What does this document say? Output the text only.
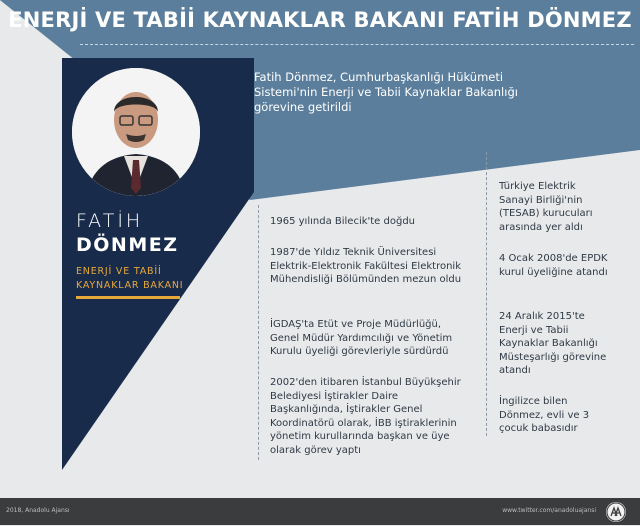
ENERJİ VE TABİİ KAYNAKLAR BAKANI FATİH DÖNMEZ
Fatih Dönmez, Cumhurbaşkanlığı Hükümeti Sistemi'nin Enerji ve Tabii Kaynaklar Bakanlığı görevine getirildi
FATİH
DÖNMEZ
ENERJİ VE TABİİ KAYNAKLAR BAKANI
1965 yılında Bilecik'te doğdu
1987'de Yıldız Teknik Üniversitesi Elektrik-Elektronik Fakültesi Elektronik Mühendisliği Bölümünden mezun oldu
İGDAŞ'ta Etüt ve Proje Müdürlüğü, Genel Müdür Yardımcılığı ve Yönetim Kurulu üyeliği görevleriyle sürdürdü
2002'den itibaren İstanbul Büyükşehir Belediyesi İştirakler Daire Başkanlığında, İştirakler Genel Koordinatörü olarak, İBB iştiraklerinin yönetim kurullarında başkan ve üye olarak görev yaptı
Türkiye Elektrik Sanayi Birliği'nin (TESAB) kurucuları arasında yer aldı
4 Ocak 2008'de EPDK kurul üyeliğine atandı
24 Aralık 2015'te Enerji ve Tabii Kaynaklar Bakanlığı Müsteşarlığı görevine atandı
İngilizce bilen Dönmez, evli ve 3 çocuk babasıdır
2018, Anadolu Ajansı	www.twitter.com/anadoluajansi
